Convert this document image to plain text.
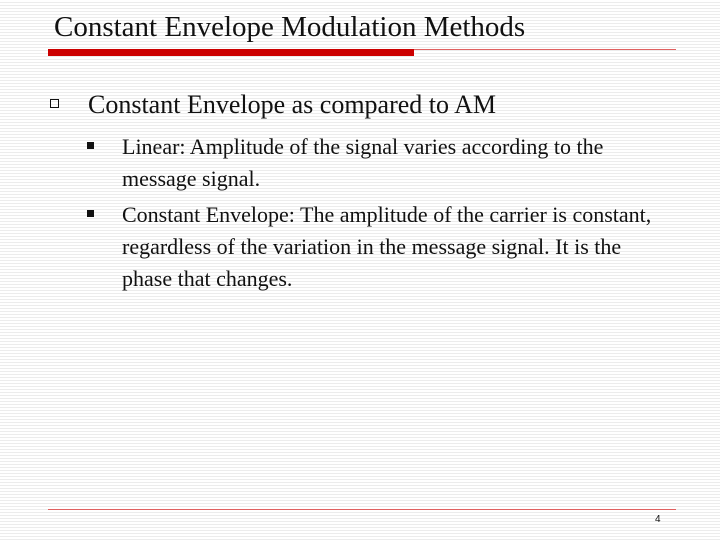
Constant Envelope Modulation Methods
Constant Envelope as compared to AM
Linear: Amplitude of the signal varies according to the message signal.
Constant Envelope: The amplitude of the carrier is constant, regardless of the variation in the message signal. It is the phase that changes.
4
